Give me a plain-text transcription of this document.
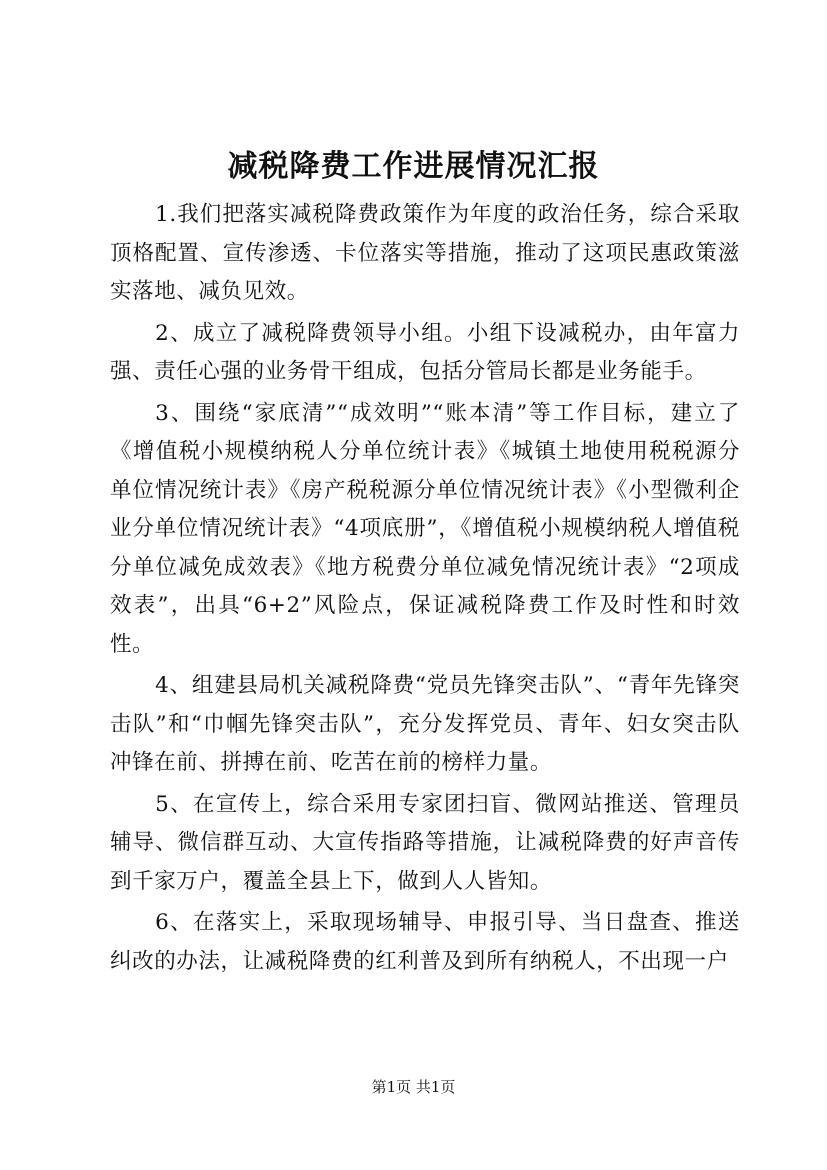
减税降费工作进展情况汇报

1.我们把落实减税降费政策作为年度的政治任务，综合采取顶格配置、宣传渗透、卡位落实等措施，推动了这项民惠政策滋实落地、减负见效。

2、成立了减税降费领导小组。小组下设减税办，由年富力强、责任心强的业务骨干组成，包括分管局长都是业务能手。

3、围绕“家底清”“成效明”“账本清”等工作目标，建立了《增值税小规模纳税人分单位统计表》《城镇土地使用税税源分单位情况统计表》《房产税税源分单位情况统计表》《小型微利企业分单位情况统计表》“4项底册”，《增值税小规模纳税人增值税分单位减免成效表》《地方税费分单位减免情况统计表》“2项成效表”，出具“6+2”风险点，保证减税降费工作及时性和时效性。

4、组建县局机关减税降费“党员先锋突击队”、“青年先锋突击队”和“巾帼先锋突击队”，充分发挥党员、青年、妇女突击队冲锋在前、拼搏在前、吃苦在前的榜样力量。

5、在宣传上，综合采用专家团扫盲、微网站推送、管理员辅导、微信群互动、大宣传指路等措施，让减税降费的好声音传到千家万户，覆盖全县上下，做到人人皆知。

6、在落实上，采取现场辅导、申报引导、当日盘查、推送纠改的办法，让减税降费的红利普及到所有纳税人，不出现一户

第1页 共1页
